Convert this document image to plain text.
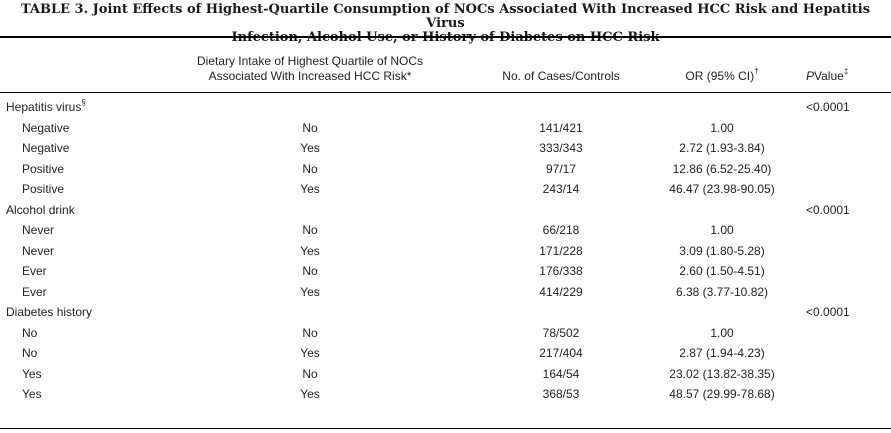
TABLE 3. Joint Effects of Highest-Quartile Consumption of NOCs Associated With Increased HCC Risk and Hepatitis Virus
Dietary Intake of Highest Quartile of NOCs
Associated With Increased HCC Risk*	No. of Cases/Controls	OR (95% CI)†	PValue‡
Hepatitis virus§	<0.0001
Negative	No	141/421	1.00
Negative	Yes	333/343	2.72 (1.93-3.84)
Positive	No	97/17	12.86 (6.52-25.40)
Positive	Yes	243/14	46.47 (23.98-90.05)
Alcohol drink	<0.0001
Never	No	66/218	1.00
Never	Yes	171/228	3.09 (1.80-5.28)
Ever	No	176/338	2.60 (1.50-4.51)
Ever	Yes	414/229	6.38 (3.77-10.82)
Diabetes history	<0.0001
No	No	78/502	1.00
No	Yes	217/404	2.87 (1.94-4.23)
Yes	No	164/54	23.02 (13.82-38.35)
Yes	Yes	368/53	48.57 (29.99-78.68)
